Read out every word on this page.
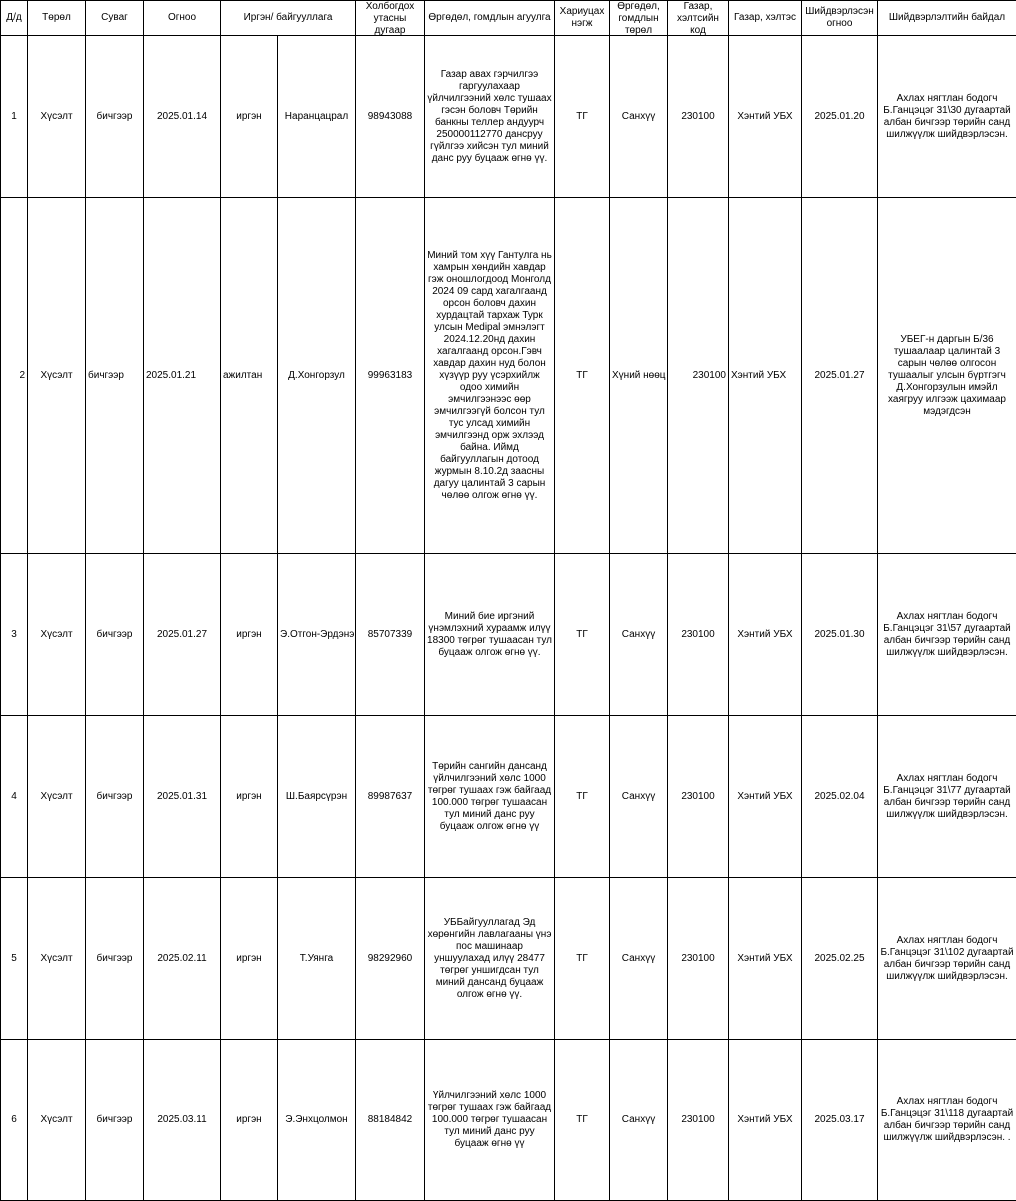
Д/д	Төрөл	Суваг	Огноо	Иргэн/ байгууллага		Холбогдох утасны дугаар	Өргөдөл, гомдлын агуулга	Хариуцах нэгж	Өргөдөл, гомдлын төрөл	Газар, хэлтсийн код	Газар, хэлтэс	Шийдвэрлэсэн огноо	Шийдвэрлэлтийн байдал

1	Хүсэлт	бичгээр	2025.01.14	иргэн	Наранцацрал	98943088	Газар авах гэрчилгээ гаргуулахаар үйлчилгээний хөлс тушаах гэсэн боловч Төрийн банкны теллер андуурч 250000112770 дансруу гүйлгээ хийсэн тул миний данс руу буцааж өгнө үү.	ТГ	Санхүү	230100	Хэнтий УБХ	2025.01.20	Ахлах нягтлан бодогч Б.Ганцэцэг 31\30 дугаартай албан бичгээр төрийн санд шилжүүлж шийдвэрлэсэн.
2	Хүсэлт	бичгээр	2025.01.21	ажилтан	Д.Хонгорзул	99963183	Миний том хүү Гантулга нь хамрын хөндийн хавдар гэж оношлогдоод Монголд 2024 09 сард хагалгаанд орсон боловч дахин хурдацтай тархаж Турк улсын Medipal эмнэлэгт 2024.12.20нд дахин хагалгаанд орсон.Гэвч хавдар дахин нуд болон хүзүүр руу үсэрхийлж одоо химийн эмчилгээнээс өөр эмчилгээгүй болсон тул тус улсад химийн эмчилгээнд орж эхлээд байна. Иймд байгууллагын дотоод журмын 8.10.2д заасны дагуу цалинтай 3 сарын чөлөө олгож өгнө үү.	ТГ	Хүний нөөц	230100	Хэнтий УБХ	2025.01.27	УБЕГ-н даргын Б/36 тушаалаар цалинтай 3 сарын чөлөө олгосон тушаалыг улсын бүртгэгч Д.Хонгорзулын имэйл хаягруу илгээж цахимаар мэдэгдсэн
3	Хүсэлт	бичгээр	2025.01.27	иргэн	Э.Отгон-Эрдэнэ	85707339	Миний бие иргэний үнэмлэхний хураамж илүү 18300 төгрөг тушаасан тул буцааж олгож өгнө үү.	ТГ	Санхүү	230100	Хэнтий УБХ	2025.01.30	Ахлах нягтлан бодогч Б.Ганцэцэг 31\57 дугаартай албан бичгээр төрийн санд шилжүүлж шийдвэрлэсэн.
4	Хүсэлт	бичгээр	2025.01.31	иргэн	Ш.Баярсүрэн	89987637	Төрийн сангийн дансанд үйлчилгээний хөлс 1000 төгрөг тушаах гэж байгаад 100.000 төгрөг тушаасан тул миний данс руу буцааж олгож өгнө үү	ТГ	Санхүү	230100	Хэнтий УБХ	2025.02.04	Ахлах нягтлан бодогч Б.Ганцэцэг 31\77 дугаартай албан бичгээр төрийн санд шилжүүлж шийдвэрлэсэн.
5	Хүсэлт	бичгээр	2025.02.11	иргэн	Т.Уянга	98292960	УББайгууллагад Эд хөрөнгийн лавлагааны үнэ пос машинаар уншуулахад илүү 28477 төгрөг уншигдсан тул миний дансанд буцааж олгож өгнө үү.	ТГ	Санхүү	230100	Хэнтий УБХ	2025.02.25	Ахлах нягтлан бодогч Б.Ганцэцэг 31\102 дугаартай албан бичгээр төрийн санд шилжүүлж шийдвэрлэсэн.
6	Хүсэлт	бичгээр	2025.03.11	иргэн	Э.Энхцолмон	88184842	Үйлчилгээний хөлс 1000 төгрөг тушаах гэж байгаад 100.000 төгрөг тушаасан тул миний данс руу буцааж өгнө үү	ТГ	Санхүү	230100	Хэнтий УБХ	2025.03.17	Ахлах нягтлан бодогч Б.Ганцэцэг 31\118 дугаартай албан бичгээр төрийн санд шилжүүлж шийдвэрлэсэн. .
